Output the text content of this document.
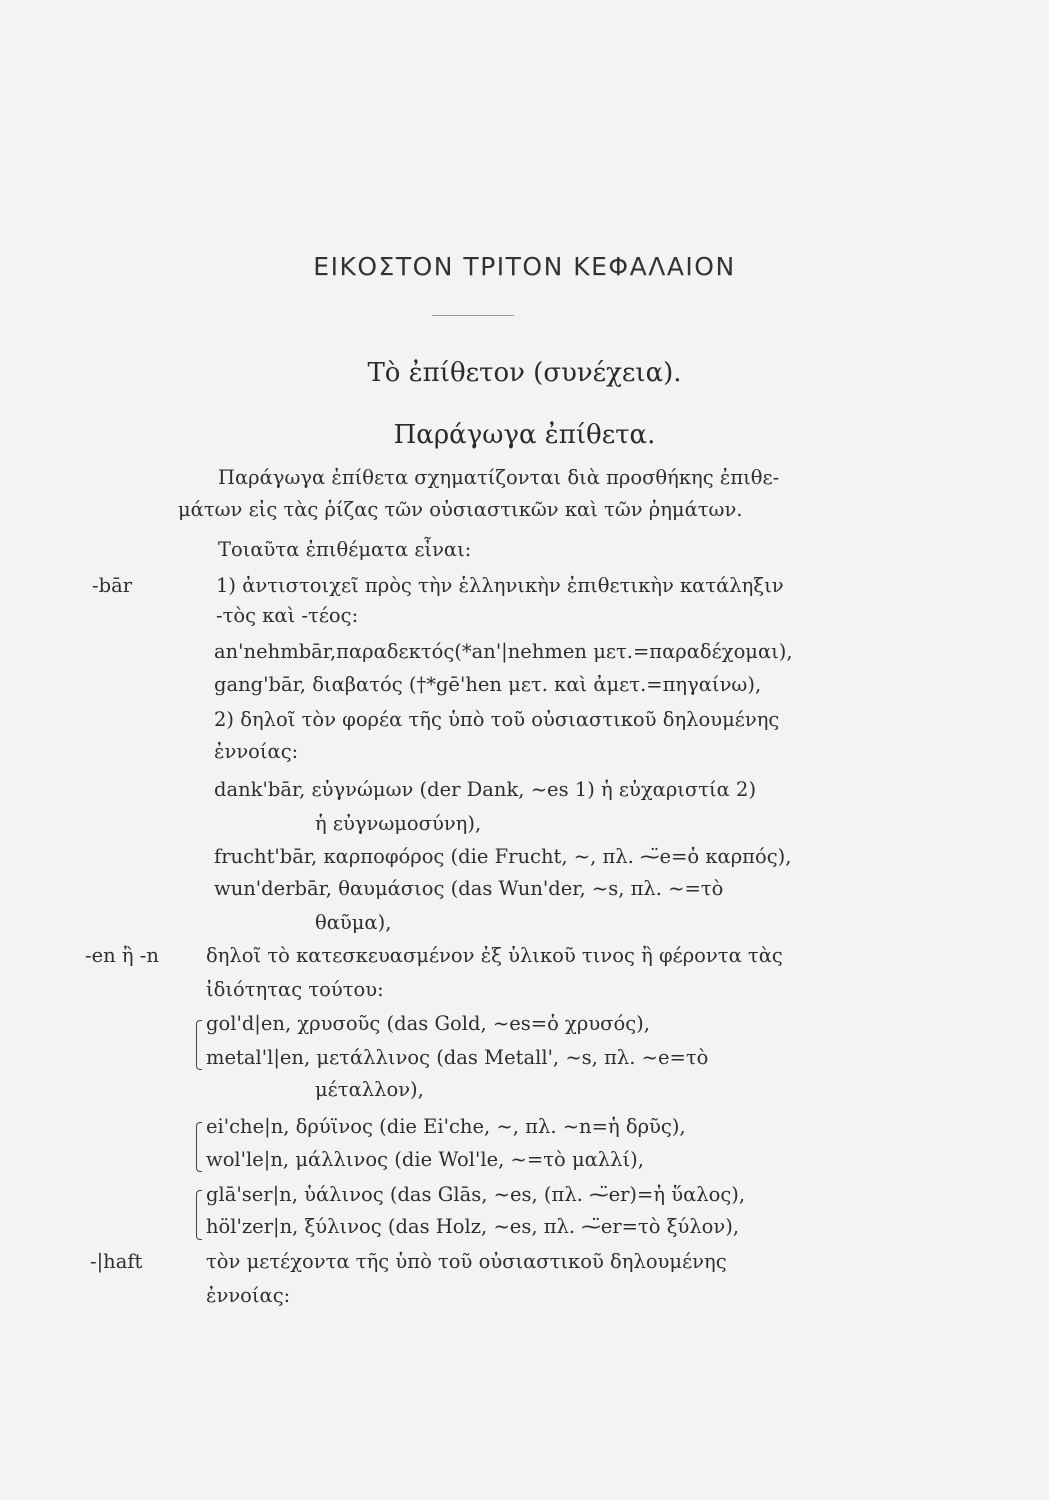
ΕΙΚΟΣΤΟΝ ΤΡΙΤΟΝ ΚΕΦΑΛΑΙΟΝ
Τὸ ἐπίθετον (συνέχεια).
Παράγωγα ἐπίθετα.
-bār
-en ἢ -n
-|haft
Παράγωγα ἐπίθετα σχηματίζονται διὰ προσθήκης ἐπιθε-
μάτων εἰς τὰς ῥίζας τῶν οὐσιαστικῶν καὶ τῶν ῥημάτων.
Τοιαῦτα ἐπιθέματα εἶναι:
1) ἀντιστοιχεῖ πρὸς τὴν ἑλληνικὴν ἐπιθετικὴν κατάληξιν
-τὸς καὶ -τέος:
an'nehmbār,παραδεκτός(*an'|nehmen μετ.=παραδέχομαι),
gang'bār, διαβατός (†*gē'hen μετ. καὶ ἀμετ.=πηγαίνω),
2) δηλοῖ τὸν φορέα τῆς ὑπὸ τοῦ οὐσιαστικοῦ δηλουμένης
ἐννοίας:
dank'bār, εὐγνώμων (der Dank, ~es 1) ἡ εὐχαριστία 2)
ἡ εὐγνωμοσύνη),
frucht'bār, καρποφόρος (die Frucht, ~, πλ. ⁓̈e=ὁ καρπός),
wun'derbār, θαυμάσιος (das Wun'der, ~s, πλ. ~=τὸ
θαῦμα),
δηλοῖ τὸ κατεσκευασμένον ἐξ ὑλικοῦ τινος ἢ φέροντα τὰς
ἰδιότητας τούτου:
gol'd|en, χρυσοῦς (das Gold, ~es=ὁ χρυσός),
metal'l|en, μετάλλινος (das Metall', ~s, πλ. ~e=τὸ
μέταλλον),
ei'che|n, δρύϊνος (die Ei'che, ~, πλ. ~n=ἡ δρῦς),
wol'le|n, μάλλινος (die Wol'le, ~=τὸ μαλλί),
glā'ser|n, ὑάλινος (das Glās, ~es, (πλ. ⁓̈er)=ἡ ὕαλος),
höl'zer|n, ξύλινος (das Holz, ~es, πλ. ⁓̈er=τὸ ξύλον),
τὸν μετέχοντα τῆς ὑπὸ τοῦ οὐσιαστικοῦ δηλουμένης
ἐννοίας:
